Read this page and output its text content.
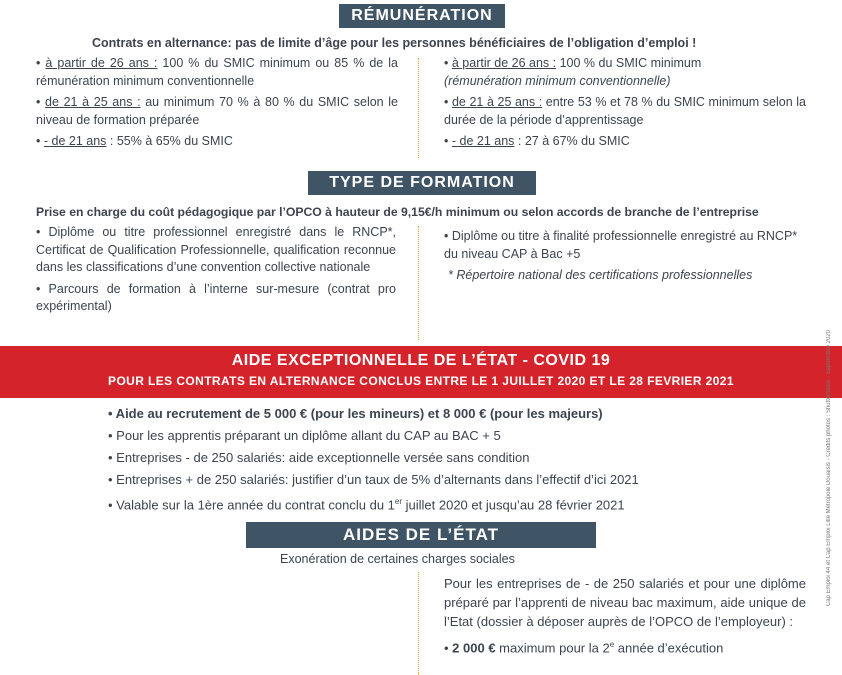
RÉMUNÉRATION
Contrats en alternance: pas de limite d’âge pour les personnes bénéficiaires de l’obligation d’emploi !

• à partir de 26 ans : 100 % du SMIC minimum ou 85 % de la rémunération minimum conventionnelle

• de 21 à 25 ans : au minimum 70 % à 80 % du SMIC selon le niveau de formation préparée

• - de 21 ans : 55% à 65% du SMIC

• à partir de 26 ans : 100 % du SMIC minimum
(rémunération minimum conventionnelle)

• de 21 à 25 ans : entre 53 % et 78 % du SMIC minimum selon la durée de la période d’apprentissage

• - de 21 ans : 27 à 67% du SMIC

TYPE DE FORMATION
Prise en charge du coût pédagogique par l’OPCO à hauteur de 9,15€/h minimum ou selon accords de branche de l’entreprise

• Diplôme ou titre professionnel enregistré dans le RNCP*, Certificat de Qualification Professionnelle, qualification reconnue dans les classifications d’une convention collective nationale

• Parcours de formation à l’interne sur-mesure (contrat pro expérimental)

• Diplôme ou titre à finalité professionnelle enregistré au RNCP* du niveau CAP à Bac +5

* Répertoire national des certifications professionnelles

AIDE EXCEPTIONNELLE DE L’ÉTAT - COVID 19
POUR LES CONTRATS EN ALTERNANCE CONCLUS ENTRE LE 1 JUILLET 2020 ET LE 28 FEVRIER 2021
• Aide au recrutement de 5 000 € (pour les mineurs) et 8 000 € (pour les majeurs)
• Pour les apprentis préparant un diplôme allant du CAP au BAC + 5
• Entreprises - de 250 salariés: aide exceptionnelle versée sans condition
• Entreprises + de 250 salariés: justifier d’un taux de 5% d’alternants dans l’effectif d’ici 2021
• Valable sur la 1ère année du contrat conclu du 1er juillet 2020 et jusqu’au 28 février 2021
AIDES DE L’ÉTAT
Exonération de certaines charges sociales

Pour les entreprises de - de 250 salariés et pour une diplôme préparé par l’apprenti de niveau bac maximum, aide unique de l’Etat (dossier à déposer auprès de l’OPCO de l’employeur) :

• 2 000 € maximum pour la 2e année d’exécution

Cap Emploi 44 et Cap Emploi Lille Métropole Douaisis - Crédits photos : Shutterstock - Septembre 2020
